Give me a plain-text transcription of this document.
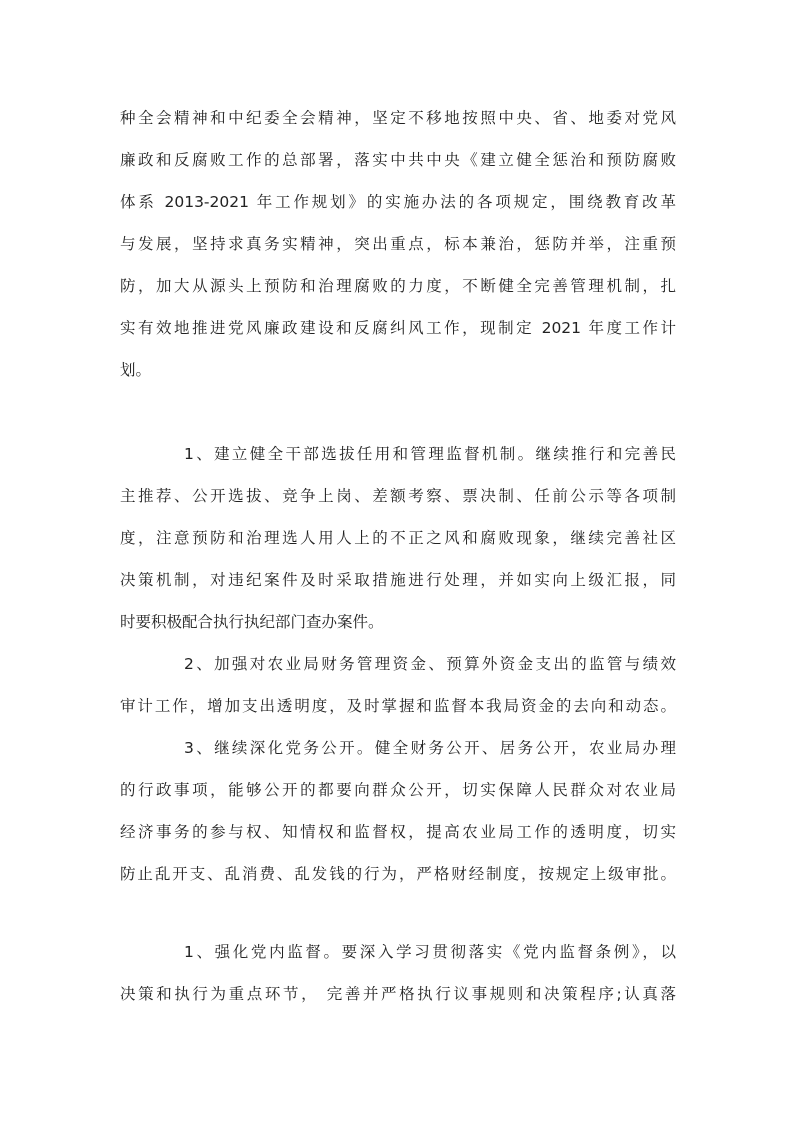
种全会精神和中纪委全会精神，坚定不移地按照中央、省、地委对党风
廉政和反腐败工作的总部署，落实中共中央《建立健全惩治和预防腐败
体系 2013-2021 年工作规划》的实施办法的各项规定，围绕教育改革
与发展，坚持求真务实精神，突出重点，标本兼治，惩防并举，注重预
防，加大从源头上预防和治理腐败的力度，不断健全完善管理机制，扎
实有效地推进党风廉政建设和反腐纠风工作，现制定 2021 年度工作计
划。
1、建立健全干部选拔任用和管理监督机制。继续推行和完善民
主推荐、公开选拔、竞争上岗、差额考察、票决制、任前公示等各项制
度，注意预防和治理选人用人上的不正之风和腐败现象，继续完善社区
决策机制，对违纪案件及时采取措施进行处理，并如实向上级汇报，同
时要积极配合执行执纪部门查办案件。
2、加强对农业局财务管理资金、预算外资金支出的监管与绩效
审计工作，增加支出透明度，及时掌握和监督本我局资金的去向和动态。
3、继续深化党务公开。健全财务公开、居务公开，农业局办理
的行政事项，能够公开的都要向群众公开，切实保障人民群众对农业局
经济事务的参与权、知情权和监督权，提高农业局工作的透明度，切实
防止乱开支、乱消费、乱发钱的行为，严格财经制度，按规定上级审批。
1、强化党内监督。要深入学习贯彻落实《党内监督条例》，以
决策和执行为重点环节， 完善并严格执行议事规则和决策程序;认真落
